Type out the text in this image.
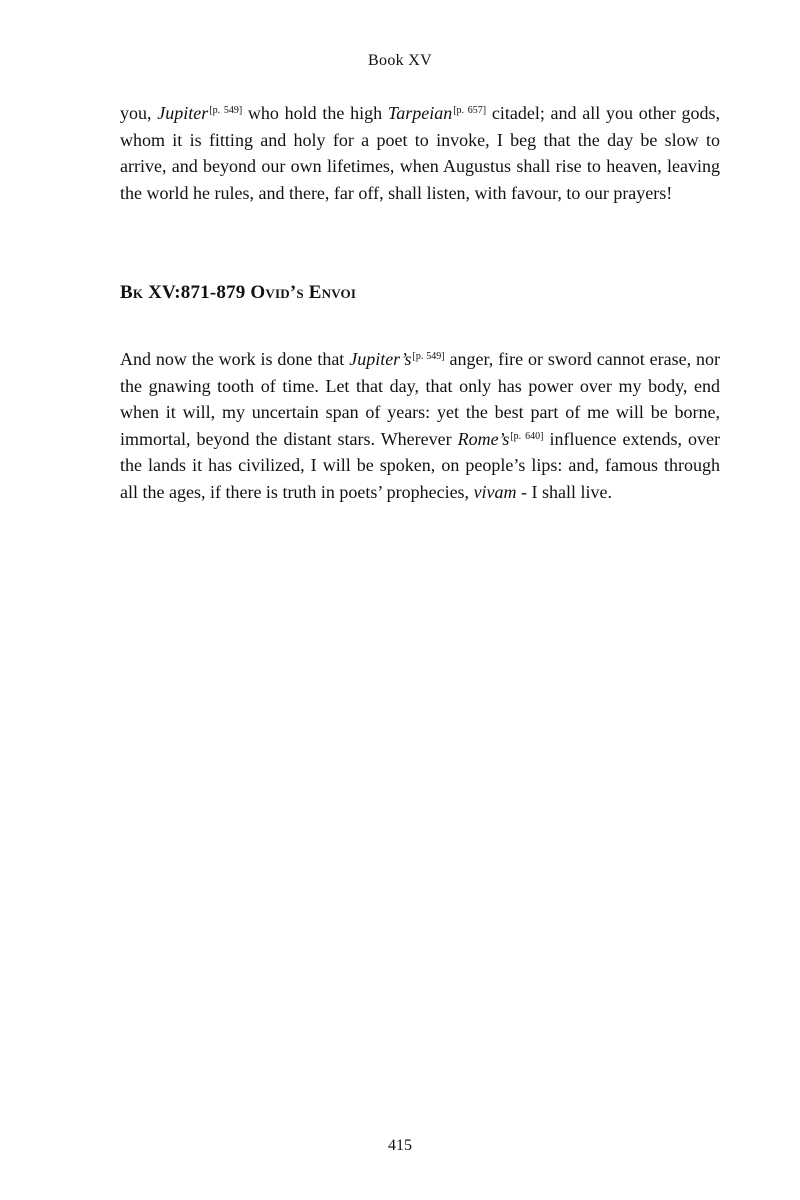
Book XV

you, Jupiter[p. 549] who hold the high Tarpeian[p. 657] citadel; and all you other gods, whom it is fitting and holy for a poet to invoke, I beg that the day be slow to arrive, and beyond our own lifetimes, when Augustus shall rise to heaven, leaving the world he rules, and there, far off, shall listen, with favour, to our prayers!

Bk XV:871-879 Ovid’s Envoi

And now the work is done that Jupiter’s[p. 549] anger, fire or sword cannot erase, nor the gnawing tooth of time. Let that day, that only has power over my body, end when it will, my uncertain span of years: yet the best part of me will be borne, immortal, beyond the distant stars. Wherever Rome’s[p. 640] influence extends, over the lands it has civilized, I will be spoken, on people’s lips: and, famous through all the ages, if there is truth in poets’ prophecies, vivam - I shall live.

415
